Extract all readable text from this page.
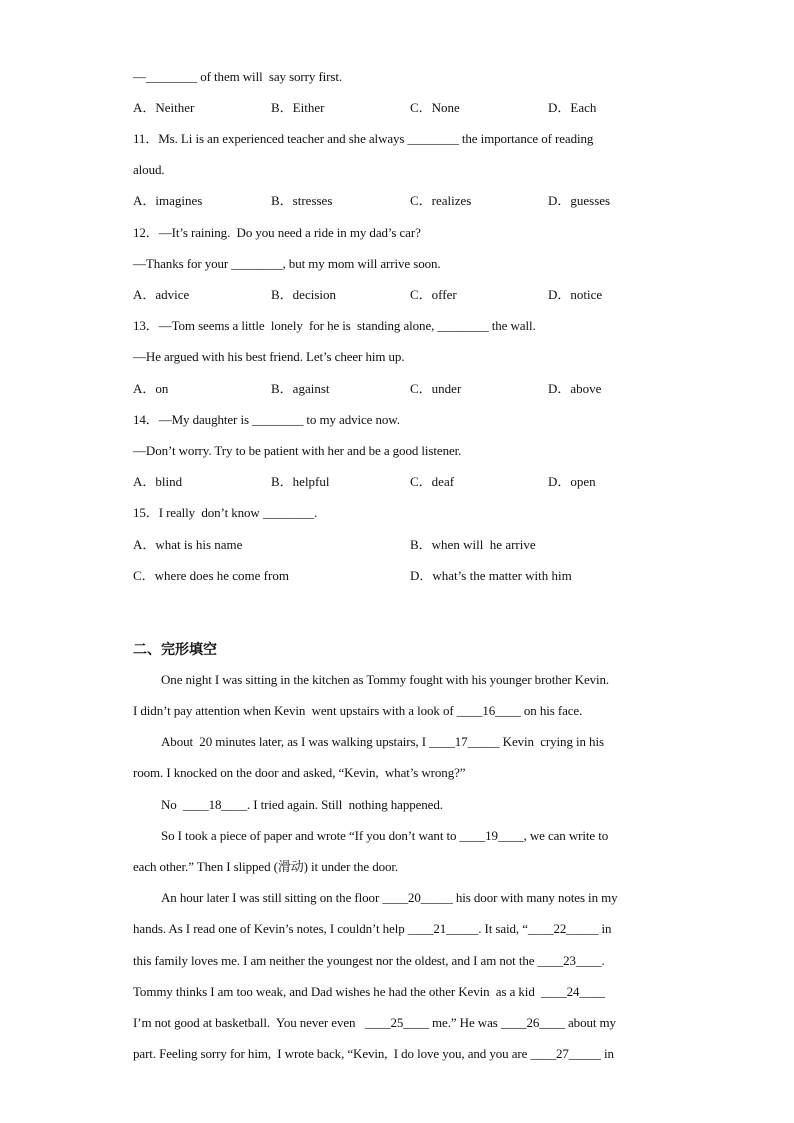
—________ of them will  say sorry first.
A．Neither	B．Either	C．None	D．Each
11．Ms. Li is an experienced teacher and she always ________ the importance of reading
aloud.
A．imagines	B．stresses	C．realizes	D．guesses
12．—It’s raining.  Do you need a ride in my dad’s car?
—Thanks for your ________, but my mom will arrive soon.
A．advice	B．decision	C．offer	D．notice
13．—Tom seems a little  lonely  for he is  standing alone, ________ the wall.
—He argued with his best friend. Let’s cheer him up.
A．on	B．against	C．under	D．above
14．—My daughter is ________ to my advice now.
—Don’t worry. Try to be patient with her and be a good listener.
A．blind	B．helpful	C．deaf	D．open
15．I really  don’t know ________.
A．what is his name	B．when will  he arrive
C．where does he come from	D．what’s the matter with him
二、完形填空
One night I was sitting in the kitchen as Tommy fought with his younger brother Kevin.
I didn’t pay attention when Kevin  went upstairs with a look of ____16____ on his face.
About  20 minutes later, as I was walking upstairs, I ____17_____ Kevin  crying in his
room. I knocked on the door and asked, “Kevin,  what’s wrong?”
No  ____18____. I tried again. Still  nothing happened.
So I took a piece of paper and wrote “If you don’t want to ____19____, we can write to
each other.” Then I slipped (滑动) it under the door.
An hour later I was still sitting on the floor ____20_____ his door with many notes in my
hands. As I read one of Kevin’s notes, I couldn’t help ____21_____. It said, “____22_____ in
this family loves me. I am neither the youngest nor the oldest, and I am not the ____23____.
Tommy thinks I am too weak, and Dad wishes he had the other Kevin  as a kid  ____24____
I’m not good at basketball.  You never even   ____25____ me.” He was ____26____ about my
part. Feeling sorry for him,  I wrote back, “Kevin,  I do love you, and you are ____27_____ in
